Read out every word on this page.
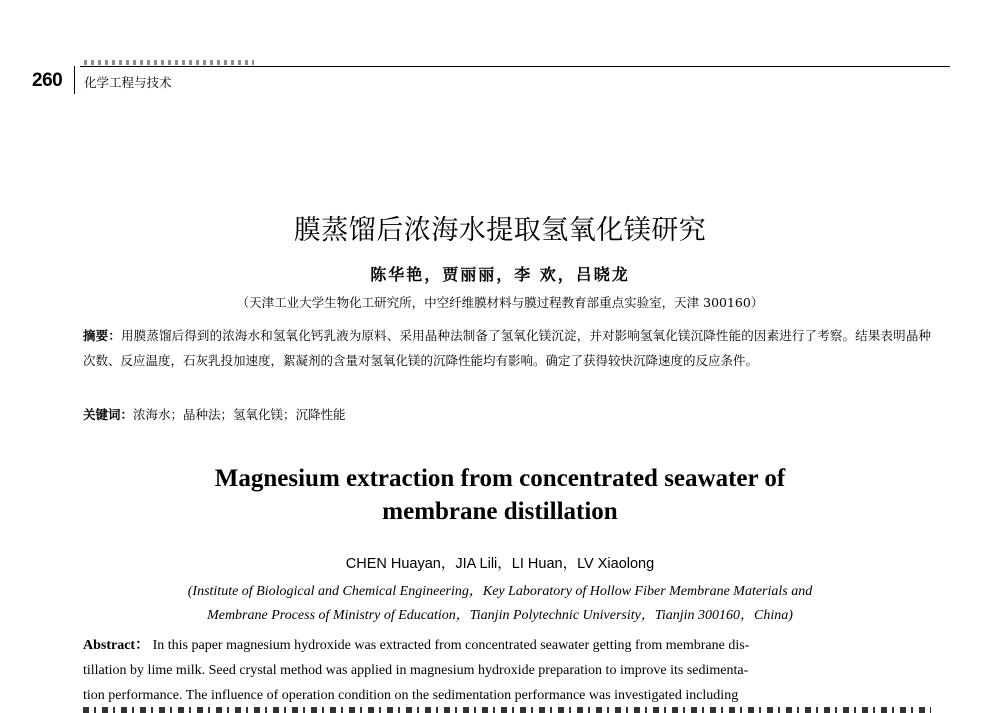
260 化学工程与技术
膜蒸馏后浓海水提取氢氧化镁研究
陈华艳，贾丽丽，李 欢，吕晓龙
（天津工业大学生物化工研究所，中空纤维膜材料与膜过程教育部重点实验室，天津 300160）
摘要：用膜蒸馏后得到的浓海水和氢氧化钙乳液为原料、采用晶种法制备了氢氧化镁沉淀，并对影响氢氧化镁沉降性能的因素进行了考察。结果表明晶种次数、反应温度，石灰乳投加速度，絮凝剂的含量对氢氧化镁的沉降性能均有影响。确定了获得较快沉降速度的反应条件。
关键词：浓海水；晶种法；氢氧化镁；沉降性能
Magnesium extraction from concentrated seawater of
membrane distillation
CHEN Huayan，JIA Lili，LI Huan，LV Xiaolong
(Institute of Biological and Chemical Engineering，Key Laboratory of Hollow Fiber Membrane Materials and
Membrane Process of Ministry of Education，Tianjin Polytechnic University，Tianjin 300160，China)
Abstract： In this paper magnesium hydroxide was extracted from concentrated seawater getting from membrane dis-
tillation by lime milk. Seed crystal method was applied in magnesium hydroxide preparation to improve its sedimenta-
tion performance. The influence of operation condition on the sedimentation performance was investigated including
